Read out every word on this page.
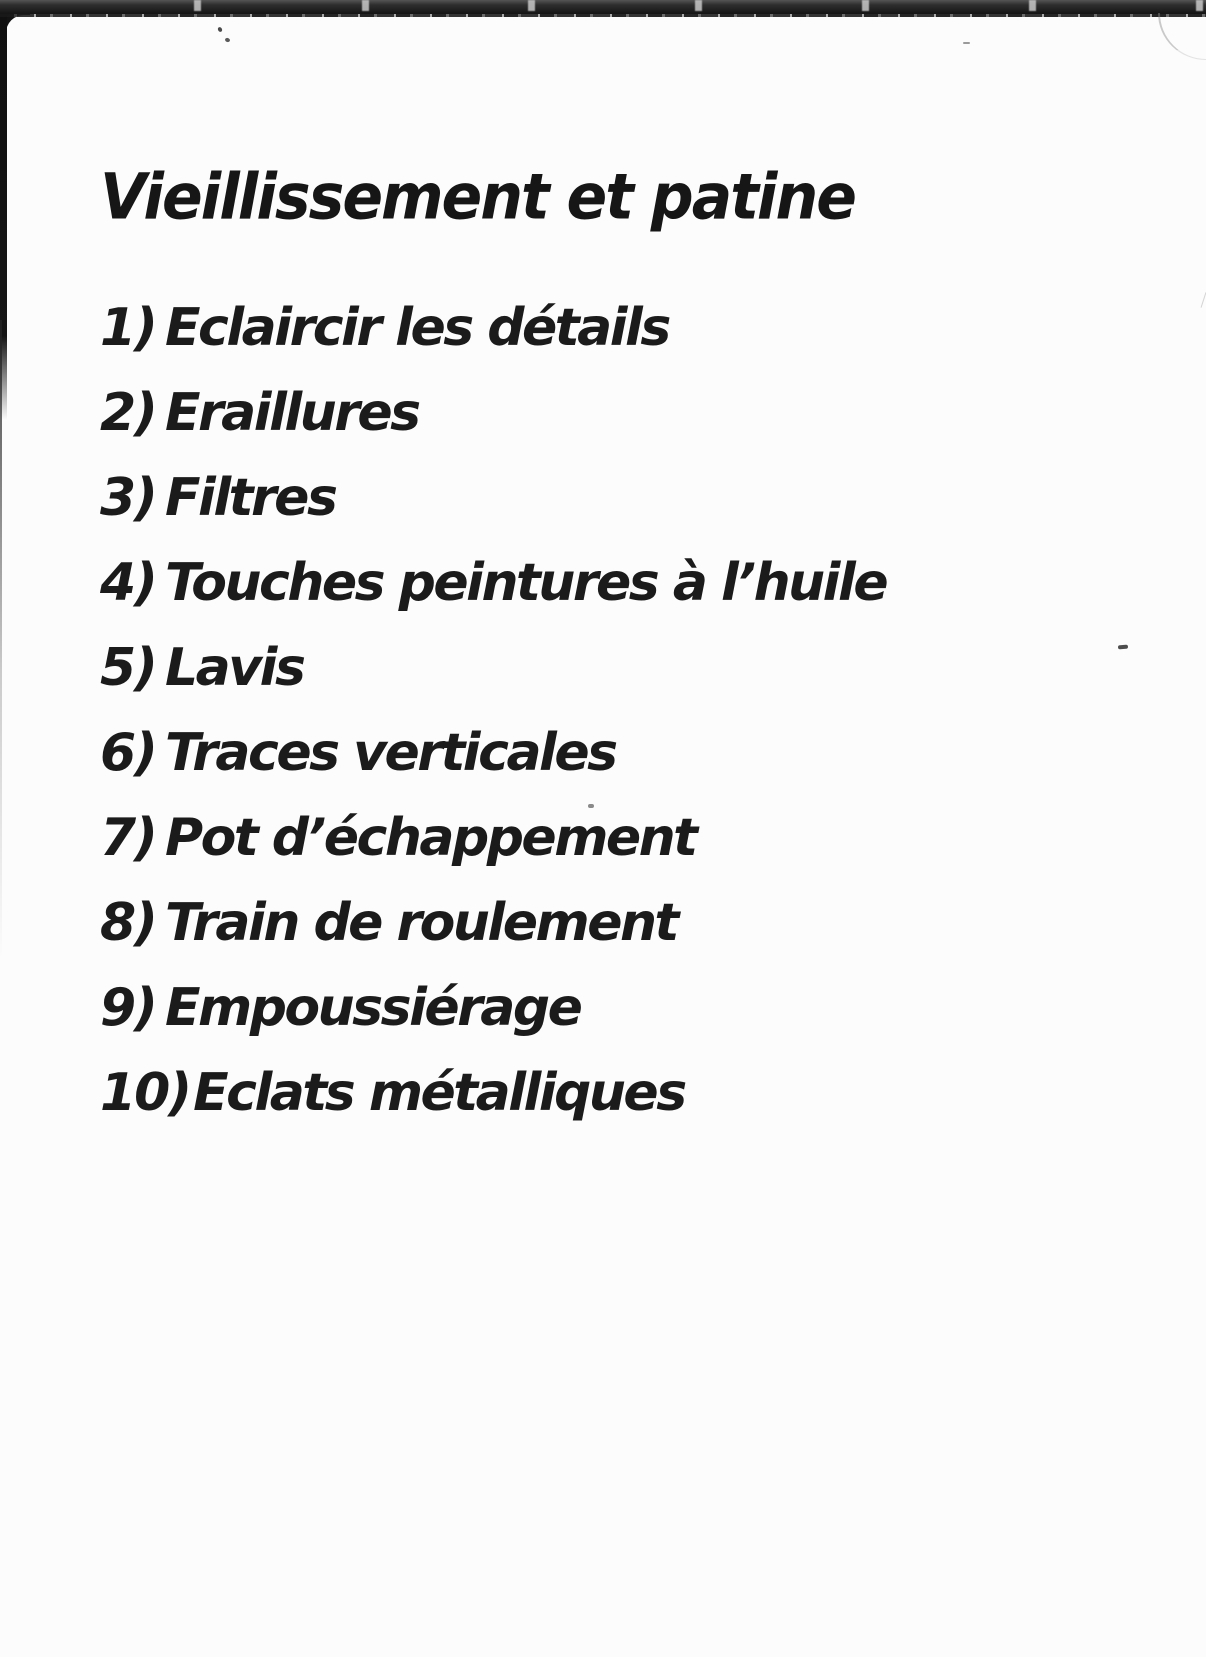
Vieillissement et patine
1) Eclaircir les détails
2) Eraillures
3) Filtres
4) Touches peintures à l’huile
5) Lavis
6) Traces verticales
7) Pot d’échappement
8) Train de roulement
9) Empoussiérage
10)Eclats métalliques
